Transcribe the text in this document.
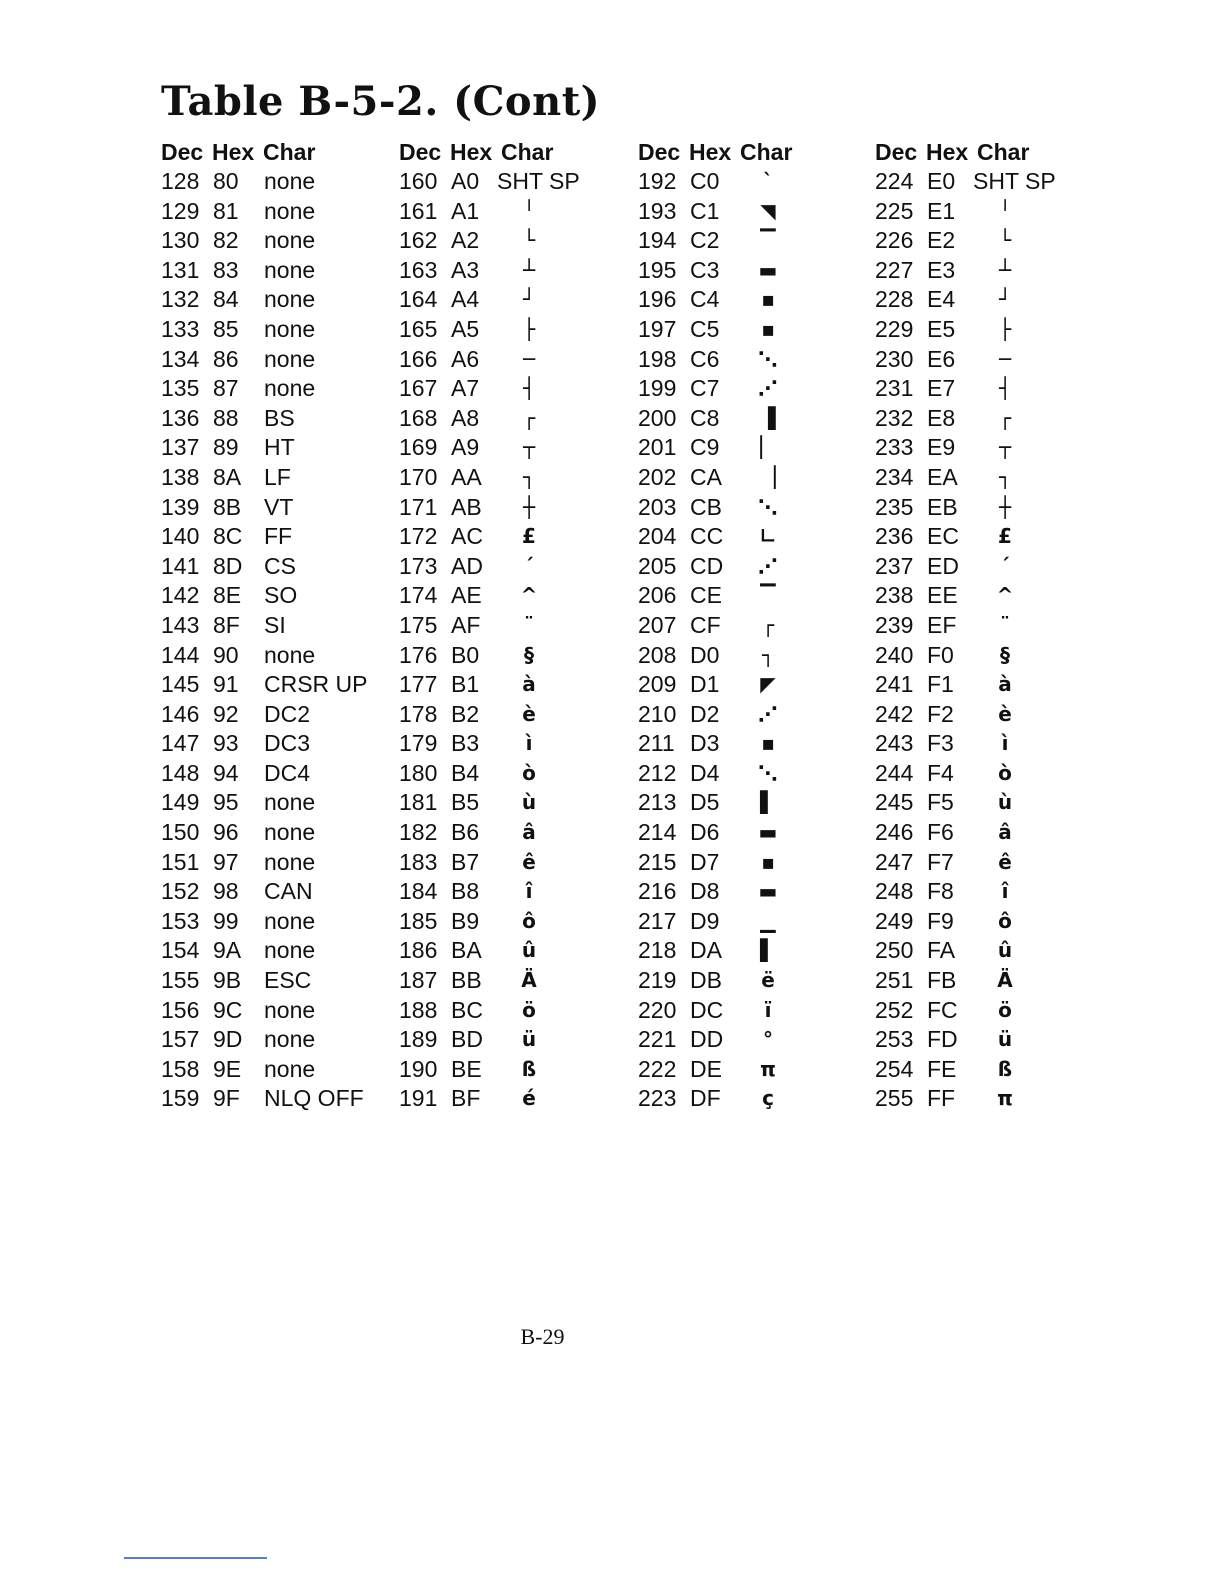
Table B-5-2. (Cont)
Dec Hex Char
128 80 none
129 81 none
130 82 none
131 83 none
132 84 none
133 85 none
134 86 none
135 87 none
136 88 BS
137 89 HT
138 8A LF
139 8B VT
140 8C FF
141 8D CS
142 8E SO
143 8F SI
144 90 none
145 91 CRSR UP
146 92 DC2
147 93 DC3
148 94 DC4
149 95 none
150 96 none
151 97 none
152 98 CAN
153 99 none
154 9A none
155 9B ESC
156 9C none
157 9D none
158 9E none
159 9F NLQ OFF
Dec Hex Char
160 A0 SHT SP
161 A1	╵
162 A2	└
163 A3	┴
164 A4	┘
165 A5	├
166 A6	─
167 A7	┤
168 A8	┌
169 A9	┬
170 AA	┐
171 AB	┼
172 AC	£
173 AD	´
174 AE	^
175 AF	¨
176 B0	§
177 B1	à
178 B2	è
179 B3	ì
180 B4	ò
181 B5	ù
182 B6	â
183 B7	ê
184 B8	î
185 B9	ô
186 BA	û
187 BB	Ä
188 BC	ö
189 BD	ü
190 BE	ß
191 BF	é
Dec Hex Char
192 C0	ˋ
193 C1	◥
194 C2	▔
195 C3 ▬
196 C4	▪
197 C5	▪
198 C6 ⋱
199 C7 ⋰
200 C8	▐
201 C9	▏
202 CA	▕
203 CB ⋱
204 CC	∟
205 CD ⋰
206 CE	▔
207 CF	┌
208 D0	┐
209 D1	◤
210 D2 ⋰
211 D3	▪
212 D4 ⋱
213 D5	▌
214 D6 ▬
215 D7	▪
216 D8 ▬
217 D9	▁
218 DA	▌
219 DB	ë
220 DC	ï
221 DD	°
222 DE	π
223 DF	ç
Dec Hex Char
224 E0 SHT SP
225 E1	╵
226 E2	└
227 E3	┴
228 E4	┘
229 E5	├
230 E6	─
231 E7	┤
232 E8	┌
233 E9	┬
234 EA	┐
235 EB	┼
236 EC	£
237 ED	´
238 EE	^
239 EF	¨
240 F0	§
241 F1	à
242 F2	è
243 F3	ì
244 F4	ò
245 F5	ù
246 F6	â
247 F7	ê
248 F8	î
249 F9	ô
250 FA	û
251 FB	Ä
252 FC	ö
253 FD	ü
254 FE	ß
255 FF	π
B-29
